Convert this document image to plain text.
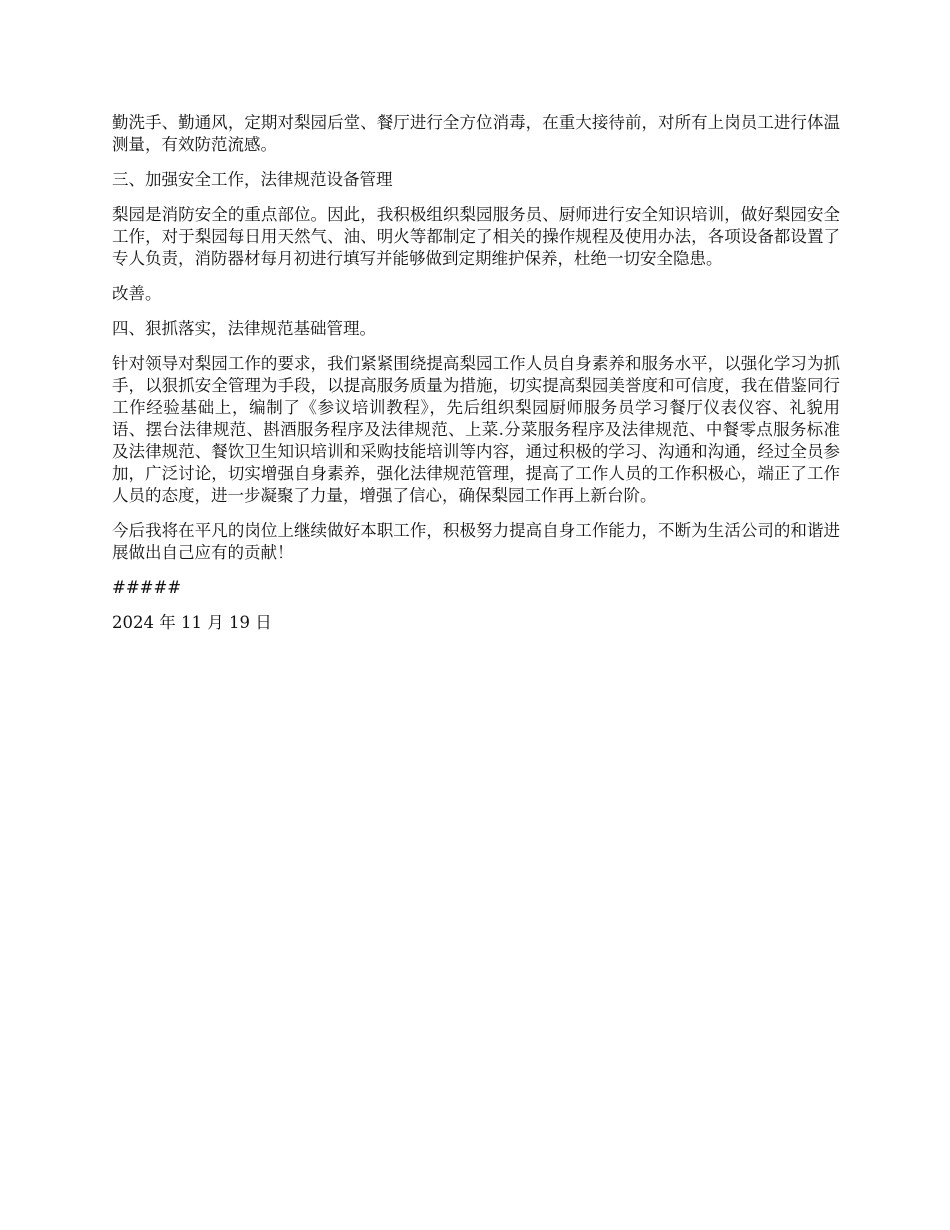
勤洗手、勤通风，定期对梨园后堂、餐厅进行全方位消毒，在重大接待前，对所有上岗员工进行体温测量，有效防范流感。

三、加强安全工作，法律规范设备管理

梨园是消防安全的重点部位。因此，我积极组织梨园服务员、厨师进行安全知识培训，做好梨园安全工作，对于梨园每日用天然气、油、明火等都制定了相关的操作规程及使用办法，各项设备都设置了专人负责，消防器材每月初进行填写并能够做到定期维护保养，杜绝一切安全隐患。

改善。

四、狠抓落实，法律规范基础管理。

针对领导对梨园工作的要求，我们紧紧围绕提高梨园工作人员自身素养和服务水平，以强化学习为抓手，以狠抓安全管理为手段，以提高服务质量为措施，切实提高梨园美誉度和可信度，我在借鉴同行工作经验基础上，编制了《参议培训教程》，先后组织梨园厨师服务员学习餐厅仪表仪容、礼貌用语、摆台法律规范、斟酒服务程序及法律规范、上菜.分菜服务程序及法律规范、中餐零点服务标准及法律规范、餐饮卫生知识培训和采购技能培训等内容，通过积极的学习、沟通和沟通，经过全员参加，广泛讨论，切实增强自身素养，强化法律规范管理，提高了工作人员的工作积极心，端正了工作人员的态度，进一步凝聚了力量，增强了信心，确保梨园工作再上新台阶。

今后我将在平凡的岗位上继续做好本职工作，积极努力提高自身工作能力，不断为生活公司的和谐进展做出自己应有的贡献！

#####

2024 年 11 月 19 日
